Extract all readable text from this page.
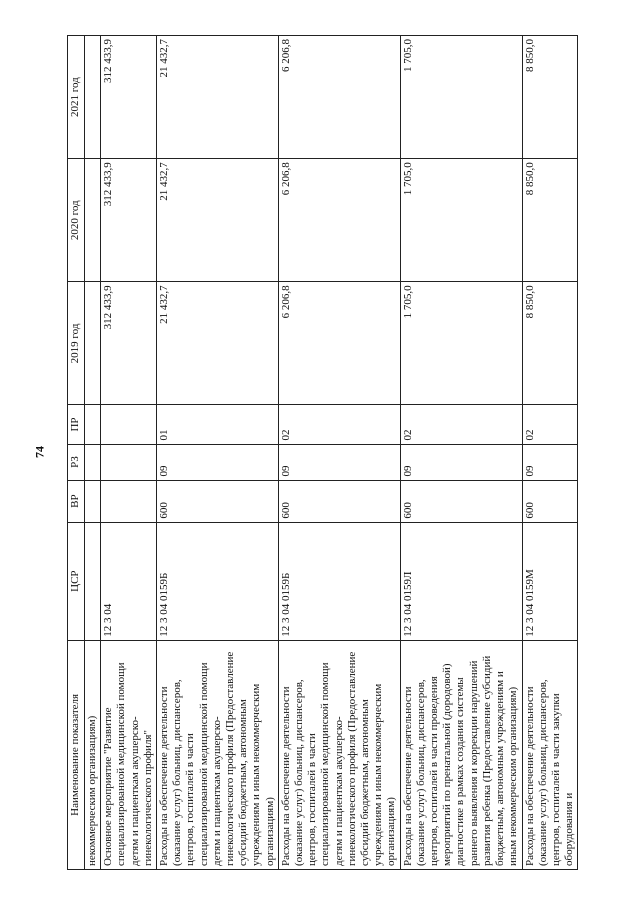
74
Наименование показателя	ЦСР	ВР	РЗ	ПР	2019 год	2020 год	2021 год
некоммерческим организациям)							
Основное мероприятие "Развитие специализированной медицинской помощи детям и пациенткам акушерско-гинекологического профиля"	12 3 04				312 433,9	312 433,9	312 433,9
Расходы на обеспечение деятельности (оказание услуг) больниц, диспансеров, центров, госпиталей в части специализированной медицинской помощи детям и пациенткам акушерско-гинекологического профиля (Предоставление субсидий бюджетным, автономным учреждениям и иным некоммерческим организациям)	12 3 04 0159Б	600	09	01	21 432,7	21 432,7	21 432,7
Расходы на обеспечение деятельности (оказание услуг) больниц, диспансеров, центров, госпиталей в части специализированной медицинской помощи детям и пациенткам акушерско-гинекологического профиля (Предоставление субсидий бюджетным, автономным учреждениям и иным некоммерческим организациям)	12 3 04 0159Б	600	09	02	6 206,8	6 206,8	6 206,8
Расходы на обеспечение деятельности (оказание услуг) больниц, диспансеров, центров, госпиталей в части проведения мероприятий по пренатальной (дородовой) диагностике в рамках создания системы раннего выявления и коррекции нарушений развития ребенка (Предоставление субсидий бюджетным, автономным учреждениям и иным некоммерческим организациям)	12 3 04 0159Л	600	09	02	1 705,0	1 705,0	1 705,0
Расходы на обеспечение деятельности (оказание услуг) больниц, диспансеров, центров, госпиталей в части закупки оборудования и	12 3 04 0159М	600	09	02	8 850,0	8 850,0	8 850,0
